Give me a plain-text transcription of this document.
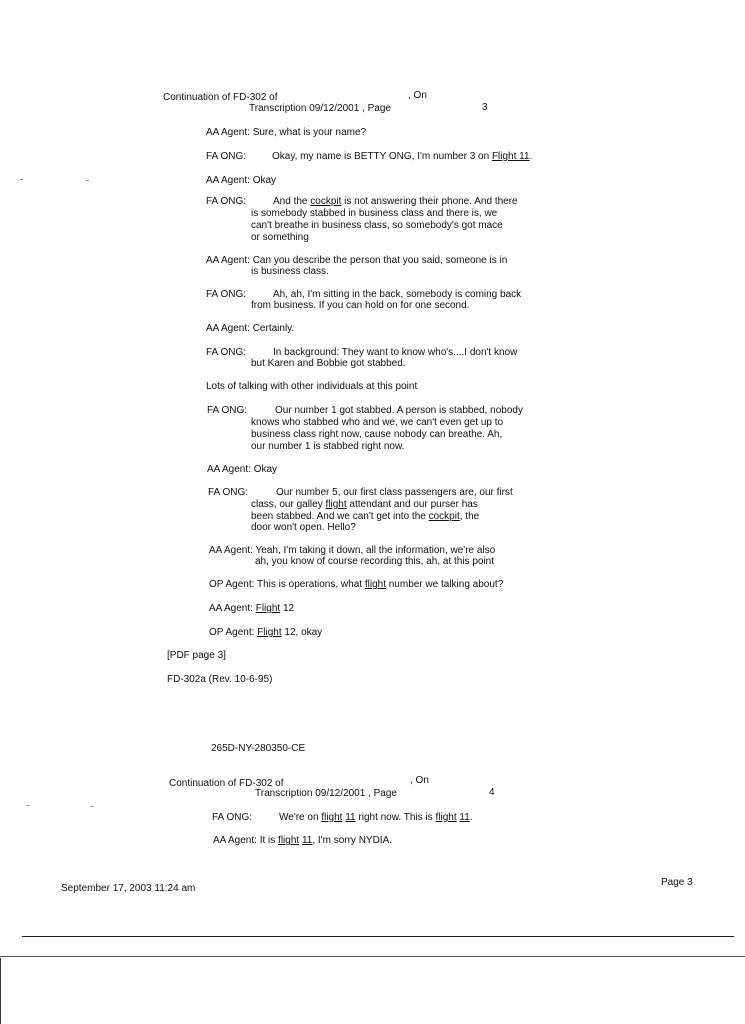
Continuation of FD-302 of	, On
Transcription 09/12/2001 , Page	3
AA Agent: Sure, what is your name?
FA ONG:	Okay, my name is BETTY ONG, I'm number 3 on Flight 11.
AA Agent: Okay
FA ONG:	And the cockpit is not answering their phone. And there
is somebody stabbed in business class and there is, we
can't breathe in business class, so somebody's got mace
or something
AA Agent: Can you describe the person that you said, someone is in
is business class.
FA ONG:	Ah, ah, I'm sitting in the back, somebody is coming back
from business. If you can hold on for one second.
AA Agent: Certainly.
FA ONG:	In background: They want to know who's....I don't know
but Karen and Bobbie got stabbed.
Lots of talking with other individuals at this point
FA ONG:	Our number 1 got stabbed. A person is stabbed, nobody
knows who stabbed who and we, we can't even get up to
business class right now, cause nobody can breathe. Ah,
our number 1 is stabbed right now.
AA Agent: Okay
FA ONG:	Our number 5, our first class passengers are, our first
class, our galley flight attendant and our purser has
been stabbed. And we can't get into the cockpit, the
door won't open. Hello?
AA Agent: Yeah, I'm taking it down, all the information, we're also
ah, you know of course recording this, ah, at this point
OP Agent: This is operations, what flight number we talking about?
AA Agent: Flight 12
OP Agent: Flight 12, okay
[PDF page 3]
FD-302a (Rev. 10-6-95)
265D-NY-280350-CE
Continuation of FD-302 of	, On
Transcription 09/12/2001 , Page	4
FA ONG:	We're on flight 11 right now. This is flight 11.
AA Agent: It is flight 11, I'm sorry NYDIA.
September 17, 2003 11:24 am
Page 3
